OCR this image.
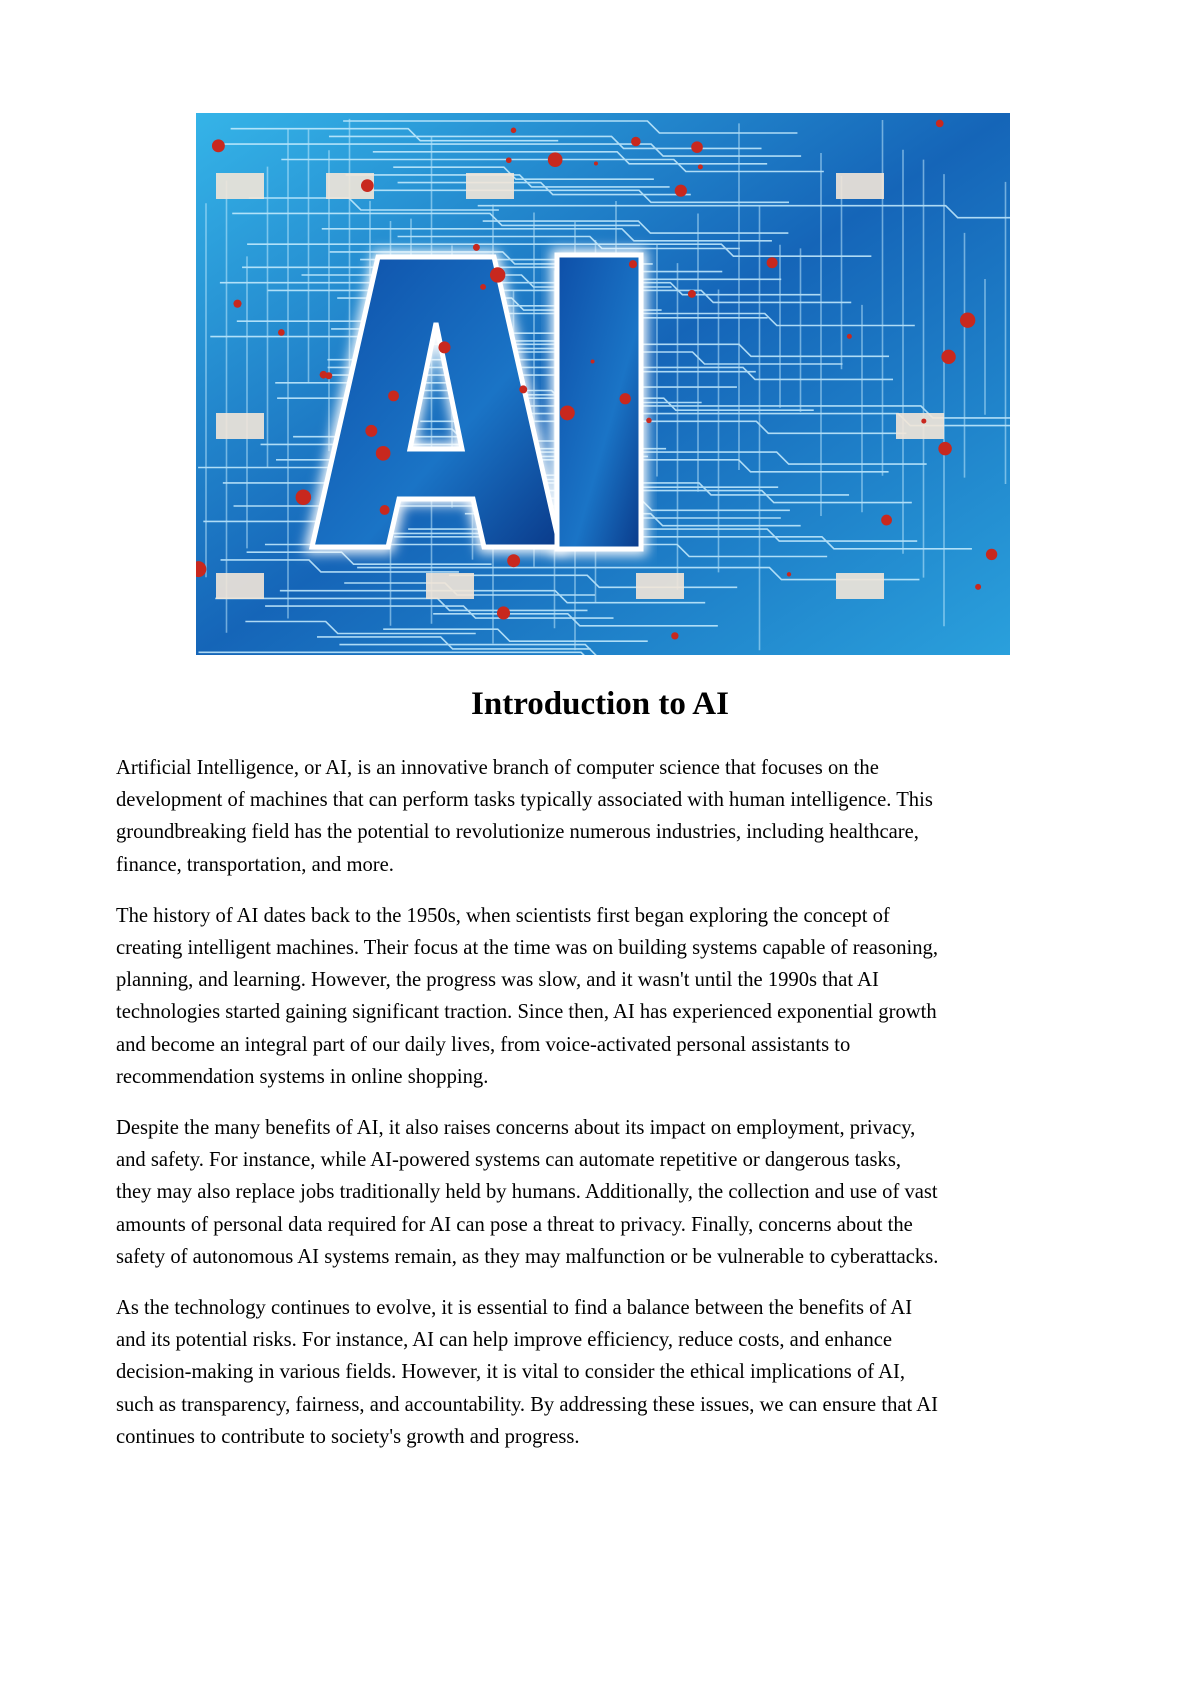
Introduction to AI

Artificial Intelligence, or AI, is an innovative branch of computer science that focuses on the
development of machines that can perform tasks typically associated with human intelligence. This
groundbreaking field has the potential to revolutionize numerous industries, including healthcare,
finance, transportation, and more.

The history of AI dates back to the 1950s, when scientists first began exploring the concept of
creating intelligent machines. Their focus at the time was on building systems capable of reasoning,
planning, and learning. However, the progress was slow, and it wasn't until the 1990s that AI
technologies started gaining significant traction. Since then, AI has experienced exponential growth
and become an integral part of our daily lives, from voice-activated personal assistants to
recommendation systems in online shopping.

Despite the many benefits of AI, it also raises concerns about its impact on employment, privacy,
and safety. For instance, while AI-powered systems can automate repetitive or dangerous tasks,
they may also replace jobs traditionally held by humans. Additionally, the collection and use of vast
amounts of personal data required for AI can pose a threat to privacy. Finally, concerns about the
safety of autonomous AI systems remain, as they may malfunction or be vulnerable to cyberattacks.

As the technology continues to evolve, it is essential to find a balance between the benefits of AI
and its potential risks. For instance, AI can help improve efficiency, reduce costs, and enhance
decision-making in various fields. However, it is vital to consider the ethical implications of AI,
such as transparency, fairness, and accountability. By addressing these issues, we can ensure that AI
continues to contribute to society's growth and progress.
